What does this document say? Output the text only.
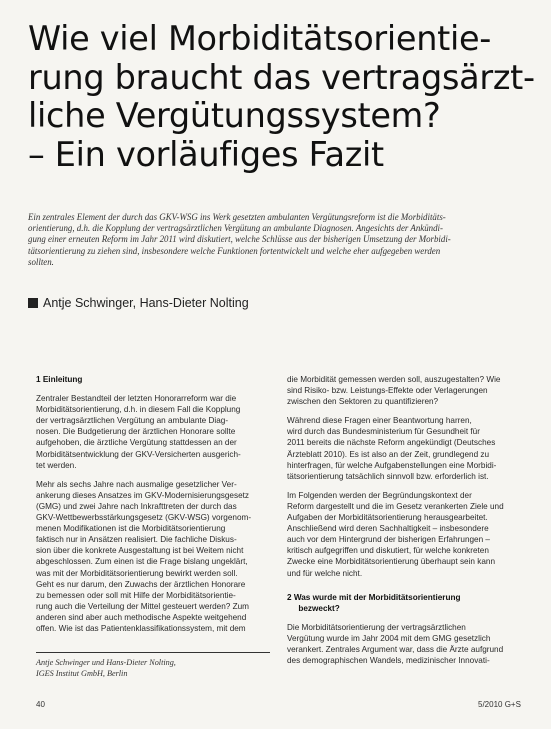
Wie viel Morbiditätsorientie-
rung braucht das vertragsärzt-
liche Vergütungssystem?
– Ein vorläufiges Fazit
Ein zentrales Element der durch das GKV-WSG ins Werk gesetzten ambulanten Vergütungsreform ist die Morbiditäts-
orientierung, d.h. die Kopplung der vertragsärztlichen Vergütung an ambulante Diagnosen. Angesichts der Ankündi-
gung einer erneuten Reform im Jahr 2011 wird diskutiert, welche Schlüsse aus der bisherigen Umsetzung der Morbidi-
tätsorientierung zu ziehen sind, insbesondere welche Funktionen fortentwickelt und welche eher aufgegeben werden
sollten.
Antje Schwinger, Hans-Dieter Nolting
1 Einleitung
Zentraler Bestandteil der letzten Honorarreform war die
Morbiditätsorientierung, d.h. in diesem Fall die Kopplung
der vertragsärztlichen Vergütung an ambulante Diag-
nosen. Die Budgetierung der ärztlichen Honorare sollte
aufgehoben, die ärztliche Vergütung stattdessen an der
Morbiditätsentwicklung der GKV-Versicherten ausgerich-
tet werden.
Mehr als sechs Jahre nach ausmalige gesetzlicher Ver-
ankerung dieses Ansatzes im GKV-Modernisierungsgesetz
(GMG) und zwei Jahre nach Inkrafttreten der durch das
GKV-Wettbewerbsstärkungsgesetz (GKV-WSG) vorgenom-
menen Modifikationen ist die Morbiditätsorientierung
faktisch nur in Ansätzen realisiert. Die fachliche Diskus-
sion über die konkrete Ausgestaltung ist bei Weitem nicht
abgeschlossen. Zum einen ist die Frage bislang ungeklärt,
was mit der Morbiditätsorientierung bewirkt werden soll.
Geht es nur darum, den Zuwachs der ärztlichen Honorare
zu bemessen oder soll mit Hilfe der Morbiditätsorientie-
rung auch die Verteilung der Mittel gesteuert werden? Zum
anderen sind aber auch methodische Aspekte weitgehend
offen. Wie ist das Patientenklassifikationssystem, mit dem
die Morbidität gemessen werden soll, auszugestalten? Wie
sind Risiko- bzw. Leistungs-Effekte oder Verlagerungen
zwischen den Sektoren zu quantifizieren?
Während diese Fragen einer Beantwortung harren,
wird durch das Bundesministerium für Gesundheit für
2011 bereits die nächste Reform angekündigt (Deutsches
Ärzteblatt 2010). Es ist also an der Zeit, grundlegend zu
hinterfragen, für welche Aufgabenstellungen eine Morbidi-
tätsorientierung tatsächlich sinnvoll bzw. erforderlich ist.
Im Folgenden werden der Begründungskontext der
Reform dargestellt und die im Gesetz verankerten Ziele und
Aufgaben der Morbiditätsorientierung herausgearbeitet.
Anschließend wird deren Sachhaltigkeit – insbesondere
auch vor dem Hintergrund der bisherigen Erfahrungen –
kritisch aufgegriffen und diskutiert, für welche konkreten
Zwecke eine Morbiditätsorientierung überhaupt sein kann
und für welche nicht.
2 Was wurde mit der Morbiditätsorientierung
bezweckt?
Die Morbiditätsorientierung der vertragsärztlichen
Vergütung wurde im Jahr 2004 mit dem GMG gesetzlich
verankert. Zentrales Argument war, dass die Ärzte aufgrund
des demographischen Wandels, medizinischer Innovati-
Antje Schwinger und Hans-Dieter Nolting,
IGES Institut GmbH, Berlin
40	5/2010 G+S
